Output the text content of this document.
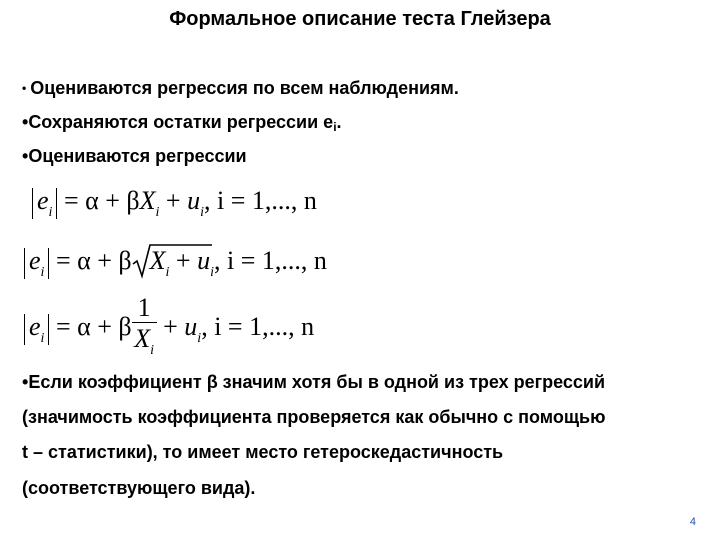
Формальное описание теста Глейзера
• Оцениваются регрессия по всем наблюдениям.
•Сохраняются остатки регрессии ei.
•Оцениваются регрессии
$e_i = \alpha + \beta X_i + u_i$, i = 1,..., n
$e_i = \alpha + \beta$ $X_i + u_i$, i = 1,..., n
$e_i = \alpha + \beta \frac{1}{X_i} + u_i$, i = 1,..., n
•Если коэффициент β значим хотя бы в одной из трех регрессий
(значимость коэффициента проверяется как обычно с помощью
t – статистики), то имеет место гетероскедастичность
(соответствующего вида).
4
